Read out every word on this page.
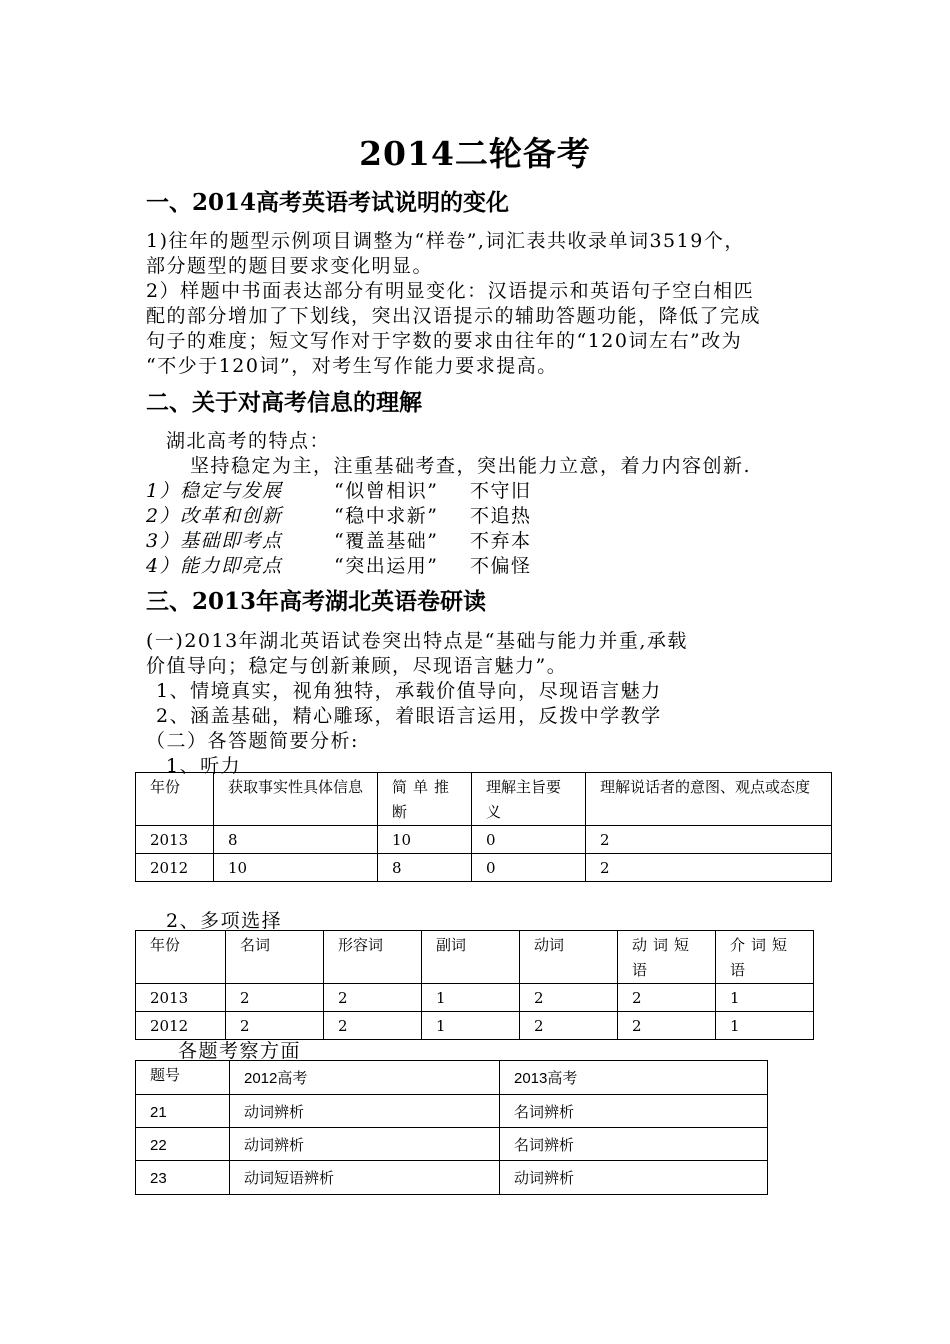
2014二轮备考
一、2014高考英语考试说明的变化
1)往年的题型示例项目调整为“样卷”,词汇表共收录单词3519个，
部分题型的题目要求变化明显。
2）样题中书面表达部分有明显变化：汉语提示和英语句子空白相匹
配的部分增加了下划线，突出汉语提示的辅助答题功能，降低了完成
句子的难度；短文写作对于字数的要求由往年的“120词左右”改为
“不少于120词”，对考生写作能力要求提高。
二、关于对高考信息的理解
湖北高考的特点：
坚持稳定为主，注重基础考查，突出能力立意，着力内容创新.
1）稳定与发展	“似曾相识” 不守旧
2）改革和创新	“稳中求新” 不追热
3）基础即考点	“覆盖基础” 不弃本
4）能力即亮点	“突出运用” 不偏怪
三、2013年高考湖北英语卷研读
(一)2013年湖北英语试卷突出特点是“基础与能力并重,承载
价值导向；稳定与创新兼顾，尽现语言魅力”。
1、情境真实，视角独特，承载价值导向，尽现语言魅力
2、涵盖基础，精心雕琢，着眼语言运用，反拨中学教学
（二）各答题简要分析:
1、听力
年份	获取事实性具体信息	简单推断	理解主旨要义	理解说话者的意图、观点或态度
2013	8	10	0	2
2012	10	8	0	2
2、多项选择
年份	名词	形容词	副词	动词	动词短语	介词短语
2013	2	2	1	2	2	1
2012	2	2	1	2	2	1
各题考察方面
题号	2012高考	2013高考
21	动词辨析	名词辨析
22	动词辨析	名词辨析
23	动词短语辨析	动词辨析
